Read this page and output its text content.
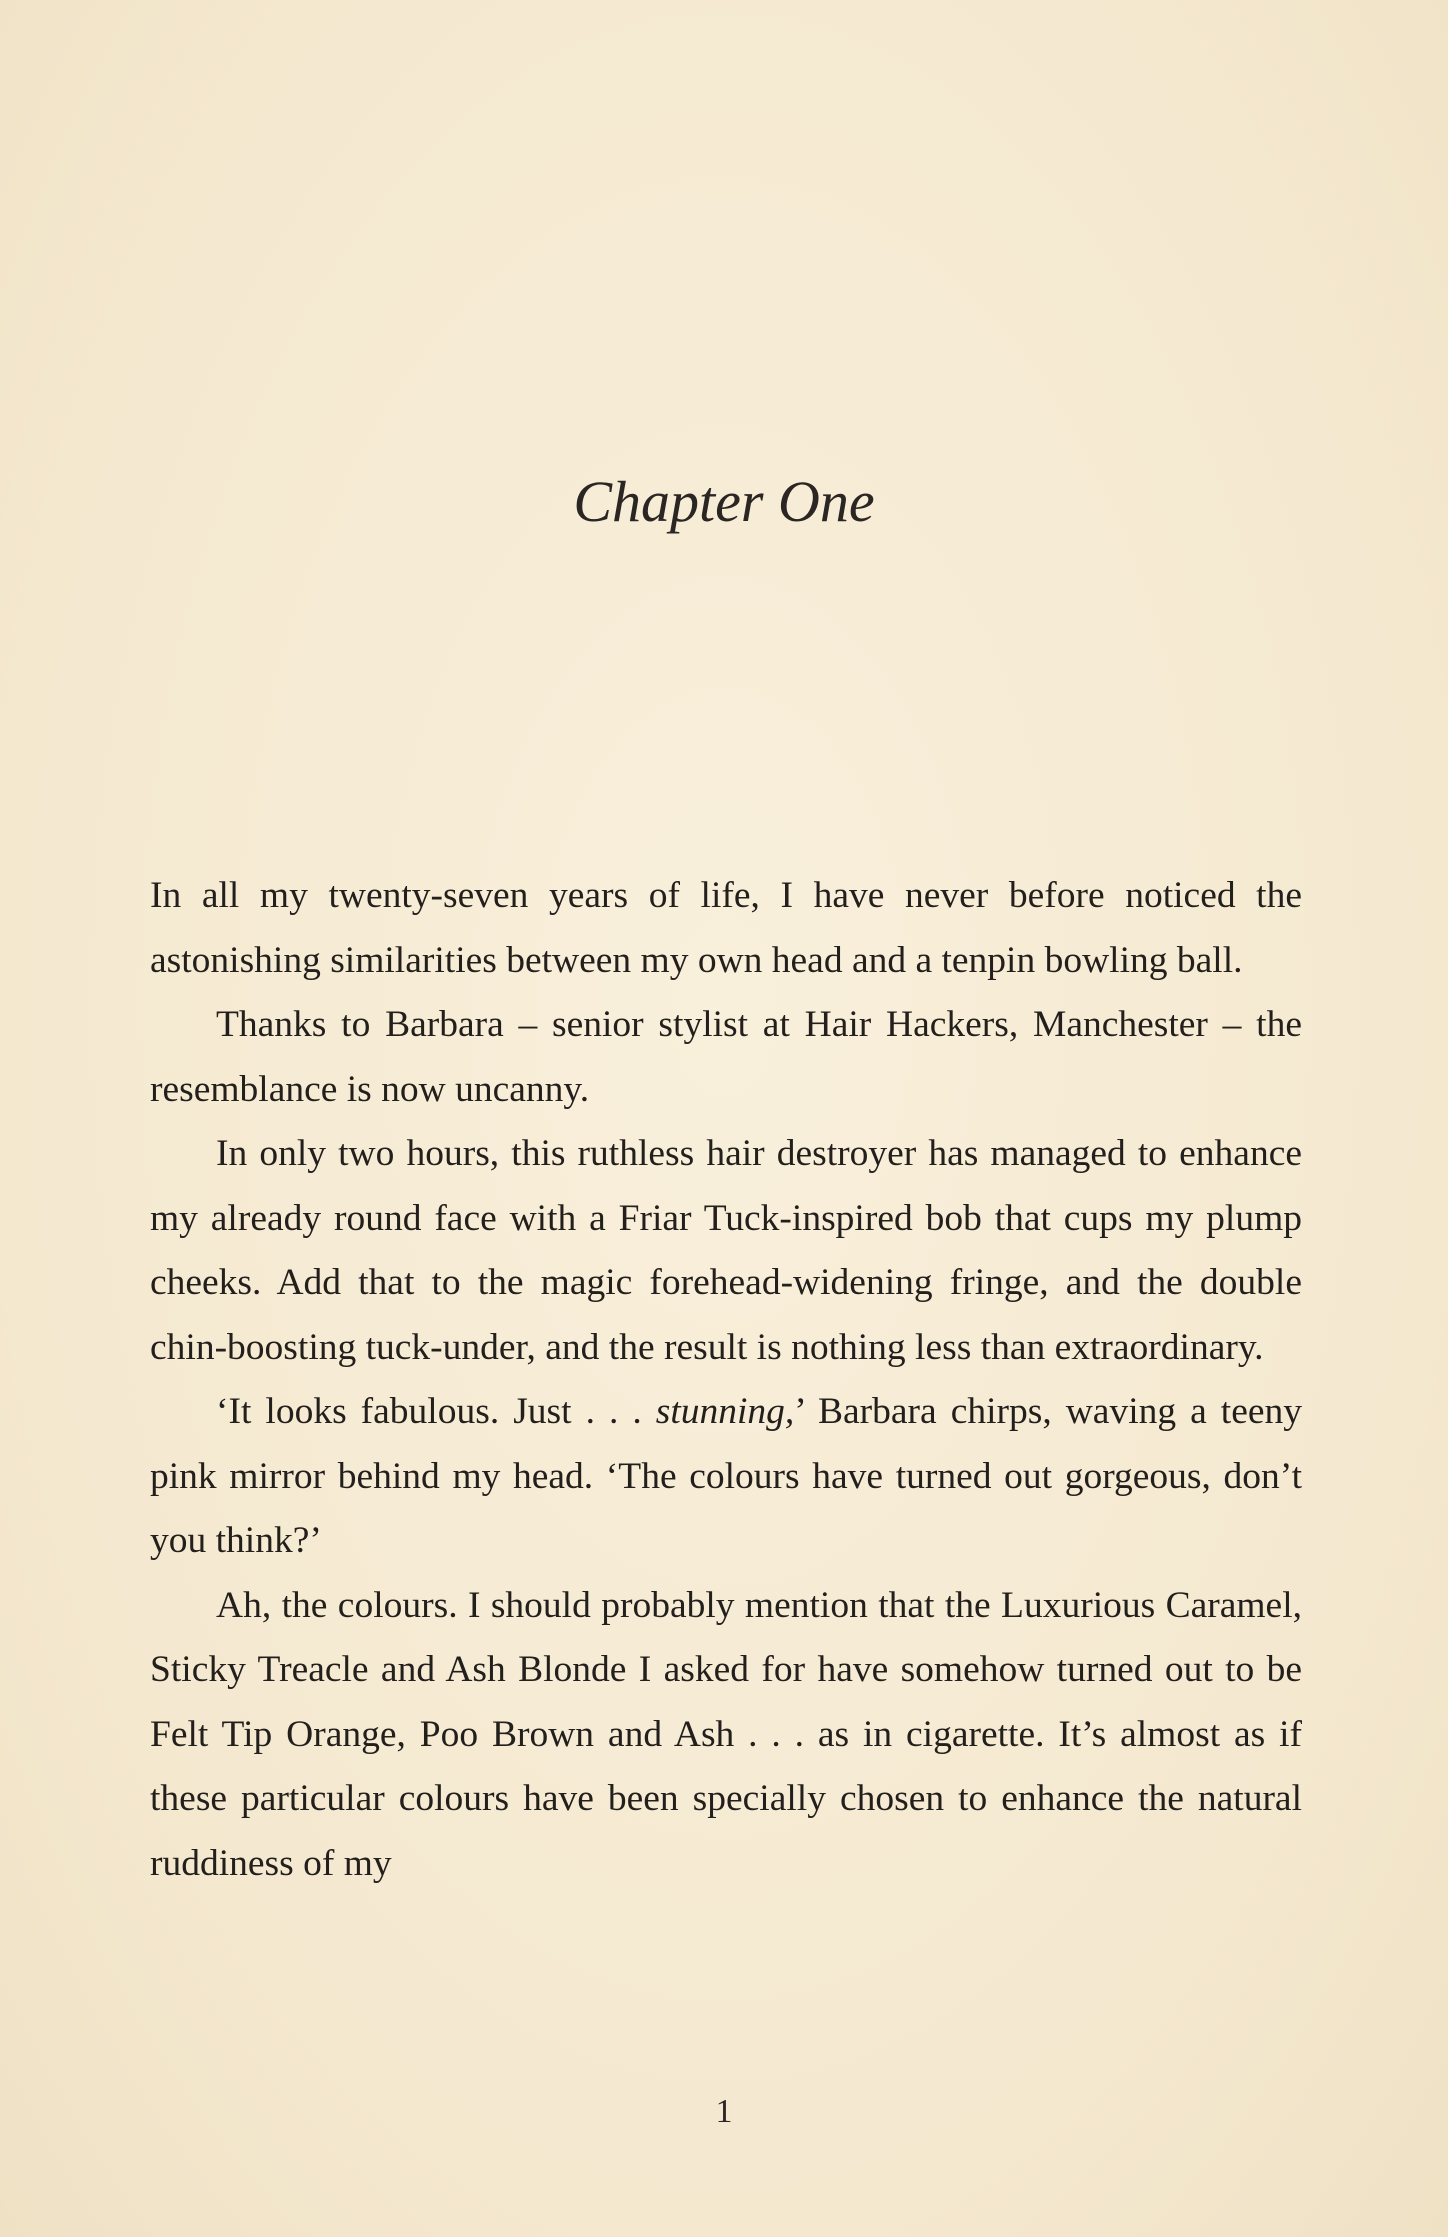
Chapter One

In all my twenty-seven years of life, I have never before noticed the astonishing similarities between my own head and a tenpin bowling ball.

Thanks to Barbara – senior stylist at Hair Hackers, Manchester – the resemblance is now uncanny.

In only two hours, this ruthless hair destroyer has managed to enhance my already round face with a Friar Tuck-inspired bob that cups my plump cheeks. Add that to the magic forehead-widening fringe, and the double chin-boosting tuck-under, and the result is nothing less than extraordinary.

‘It looks fabulous. Just . . . stunning,’ Barbara chirps, waving a teeny pink mirror behind my head. ‘The colours have turned out gorgeous, don’t you think?’

Ah, the colours. I should probably mention that the Luxurious Caramel, Sticky Treacle and Ash Blonde I asked for have somehow turned out to be Felt Tip Orange, Poo Brown and Ash . . . as in cigarette. It’s almost as if these particular colours have been specially chosen to enhance the natural ruddiness of my

1
